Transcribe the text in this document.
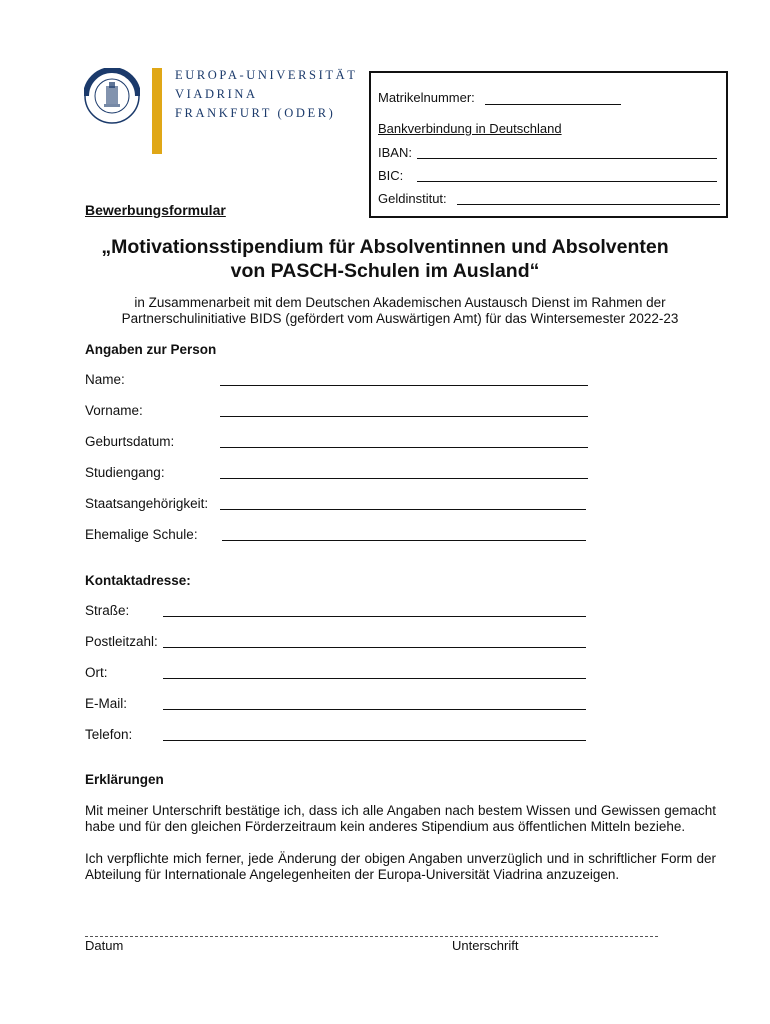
EUROPA-UNIVERSITÄT
VIADRINA
FRANKFURT (ODER)
Matrikelnummer:
Bankverbindung in Deutschland
IBAN:
BIC:
Geldinstitut:
Bewerbungsformular
„Motivationsstipendium für Absolventinnen und Absolventen
von PASCH-Schulen im Ausland“
in Zusammenarbeit mit dem Deutschen Akademischen Austausch Dienst im Rahmen der
Partnerschulinitiative BIDS (gefördert vom Auswärtigen Amt) für das Wintersemester 2022-23
Angaben zur Person
Name:
Vorname:
Geburtsdatum:
Studiengang:
Staatsangehörigkeit:
Ehemalige Schule:
Kontaktadresse:
Straße:
Postleitzahl:
Ort:
E-Mail:
Telefon:
Erklärungen
Mit meiner Unterschrift bestätige ich, dass ich alle Angaben nach bestem Wissen und Gewissen gemacht habe und für den gleichen Förderzeitraum kein anderes Stipendium aus öffentlichen Mitteln beziehe.
Ich verpflichte mich ferner, jede Änderung der obigen Angaben unverzüglich und in schriftlicher Form der Abteilung für Internationale Angelegenheiten der Europa-Universität Viadrina anzuzeigen.
Datum	Unterschrift
